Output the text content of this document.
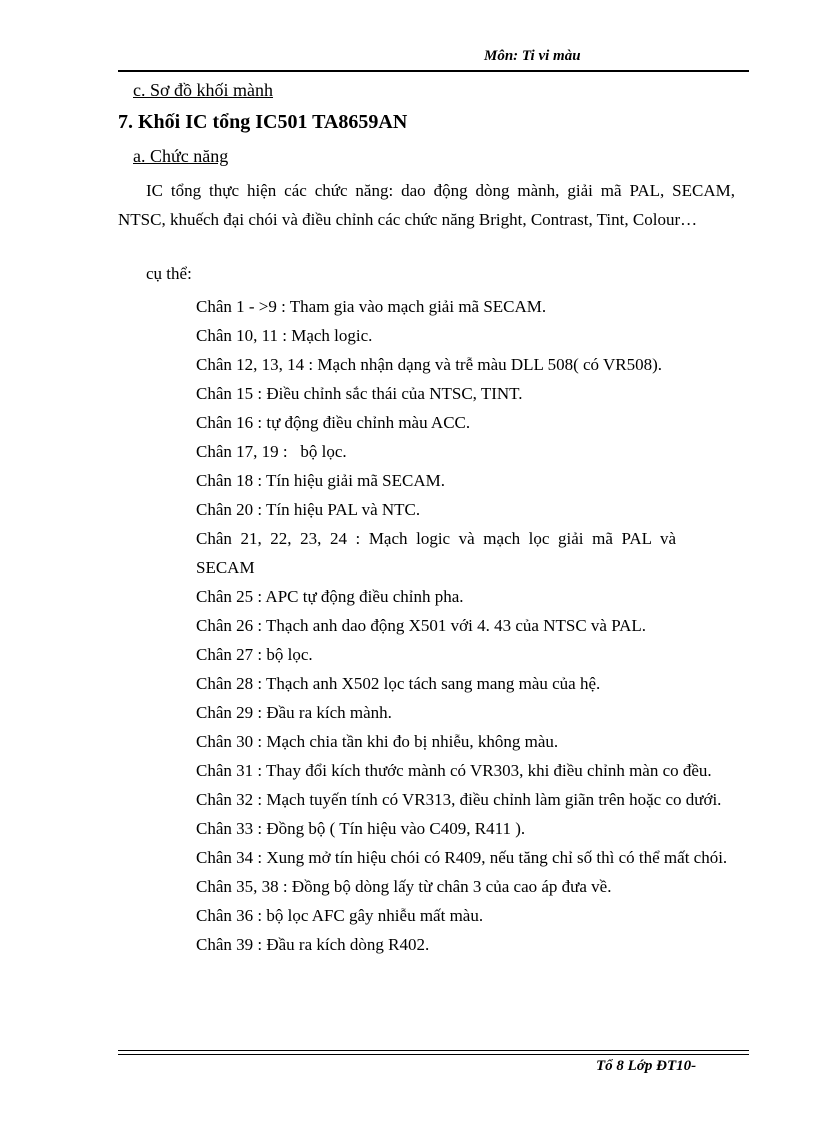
Môn: Ti vi màu
c. Sơ đồ khối mành
7. Khối IC tổng IC501 TA8659AN
a. Chức năng

IC tổng thực hiện các chức năng: dao động dòng mành, giải mã PAL, SECAM, NTSC, khuếch đại chói và điều chỉnh các chức năng Bright, Contrast, Tint, Colour…

cụ thể:
Chân 1 - >9 : Tham gia vào mạch giải mã SECAM.
Chân 10, 11 : Mạch logic.
Chân 12, 13, 14 : Mạch nhận dạng và trễ màu DLL 508( có VR508).
Chân 15 : Điều chỉnh sắc thái của NTSC, TINT.
Chân 16 : tự động điều chỉnh màu ACC.
Chân 17, 19 :   bộ lọc.
Chân 18 : Tín hiệu giải mã SECAM.
Chân 20 : Tín hiệu PAL và NTC.
Chân 21, 22, 23, 24 : Mạch logic và mạch lọc giải mã PAL và SECAM
Chân 25 : APC tự động điều chỉnh pha.
Chân 26 : Thạch anh dao động X501 với 4. 43 của NTSC và PAL.
Chân 27 : bộ lọc.
Chân 28 : Thạch anh X502 lọc tách sang mang màu của hệ.
Chân 29 : Đầu ra kích mành.
Chân 30 : Mạch chia tần khi đo bị nhiễu, không màu.
Chân 31 : Thay đổi kích thước mành có VR303, khi điều chỉnh màn co đều.
Chân 32 : Mạch tuyến tính có VR313, điều chỉnh làm giãn trên hoặc co dưới.
Chân 33 : Đồng bộ ( Tín hiệu vào C409, R411 ).
Chân 34 : Xung mở tín hiệu chói có R409, nếu tăng chỉ số thì có thể mất chói.
Chân 35, 38 : Đồng bộ dòng lấy từ chân 3 của cao áp đưa về.
Chân 36 : bộ lọc AFC gây nhiễu mất màu.
Chân 39 : Đầu ra kích dòng R402.
Tổ 8 Lớp ĐT10-
